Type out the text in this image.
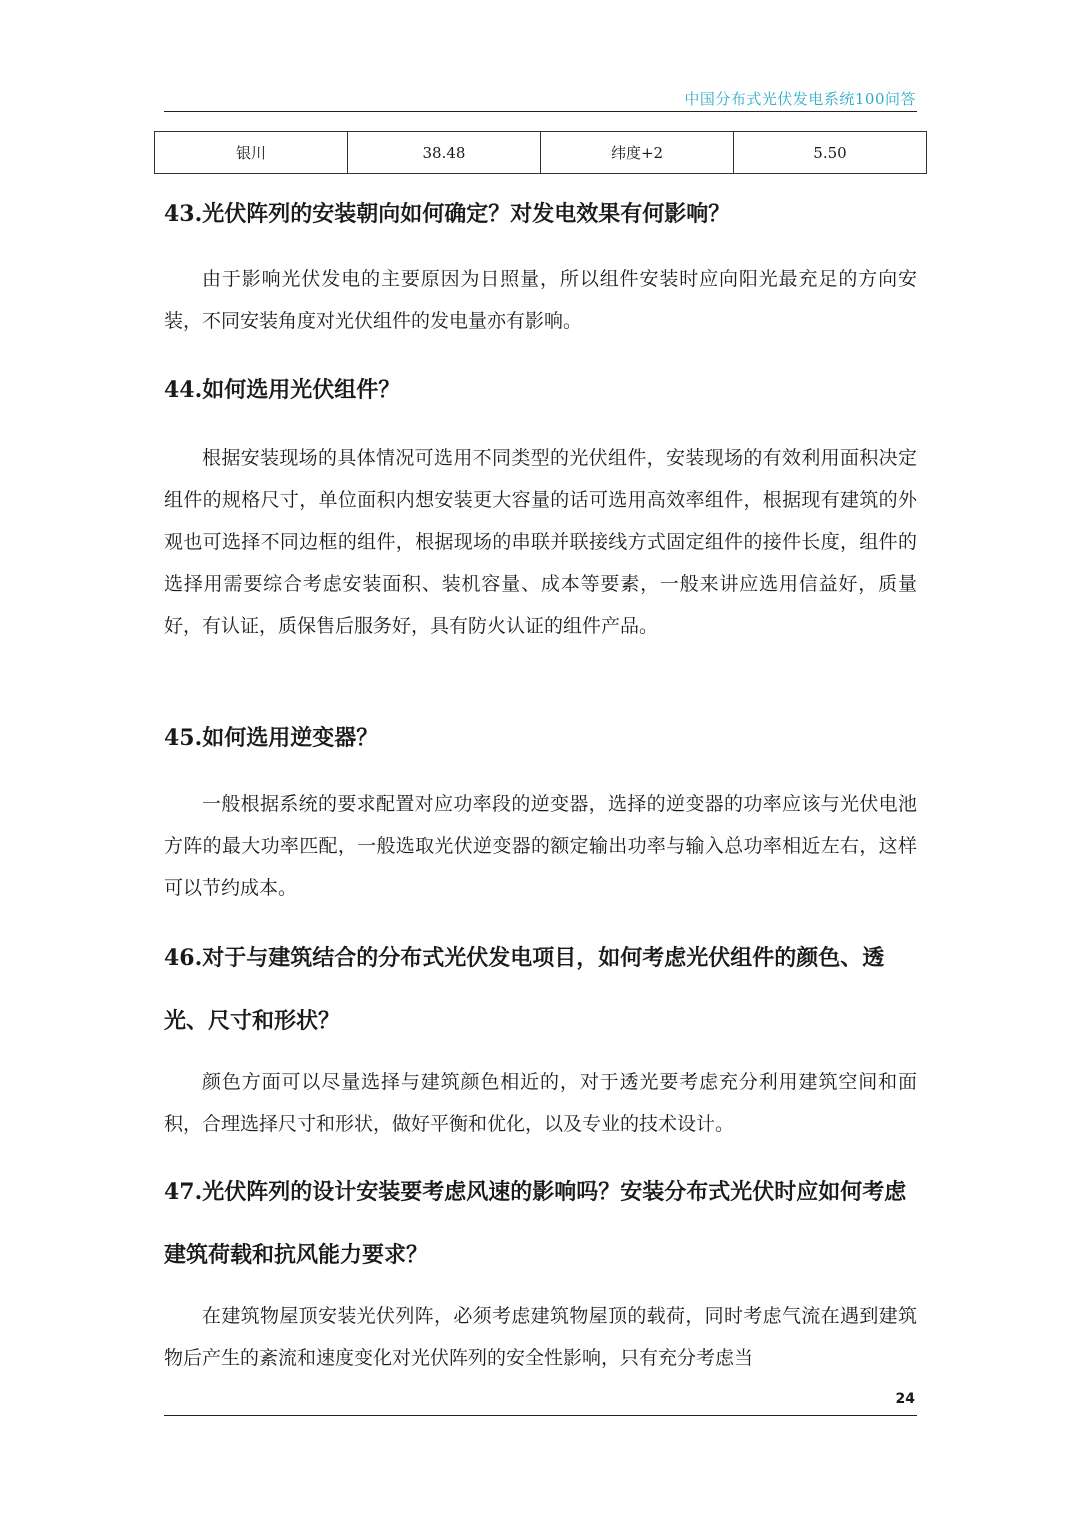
中国分布式光伏发电系统100问答
银川	38.48	纬度+2	5.50
43.光伏阵列的安装朝向如何确定？对发电效果有何影响？

由于影响光伏发电的主要原因为日照量，所以组件安装时应向阳光最充足的方向安装，不同安装角度对光伏组件的发电量亦有影响。

44.如何选用光伏组件？

根据安装现场的具体情况可选用不同类型的光伏组件，安装现场的有效利用面积决定组件的规格尺寸，单位面积内想安装更大容量的话可选用高效率组件，根据现有建筑的外观也可选择不同边框的组件，根据现场的串联并联接线方式固定组件的接件长度，组件的选择用需要综合考虑安装面积、装机容量、成本等要素，一般来讲应选用信益好，质量好，有认证，质保售后服务好，具有防火认证的组件产品。

45.如何选用逆变器？

一般根据系统的要求配置对应功率段的逆变器，选择的逆变器的功率应该与光伏电池方阵的最大功率匹配，一般选取光伏逆变器的额定输出功率与输入总功率相近左右，这样可以节约成本。

46.对于与建筑结合的分布式光伏发电项目，如何考虑光伏组件的颜色、透光、尺寸和形状？

颜色方面可以尽量选择与建筑颜色相近的，对于透光要考虑充分利用建筑空间和面积，合理选择尺寸和形状，做好平衡和优化，以及专业的技术设计。

47.光伏阵列的设计安装要考虑风速的影响吗？安装分布式光伏时应如何考虑建筑荷载和抗风能力要求？

在建筑物屋顶安装光伏列阵，必须考虑建筑物屋顶的载荷，同时考虑气流在遇到建筑物后产生的紊流和速度变化对光伏阵列的安全性影响，只有充分考虑当

24
